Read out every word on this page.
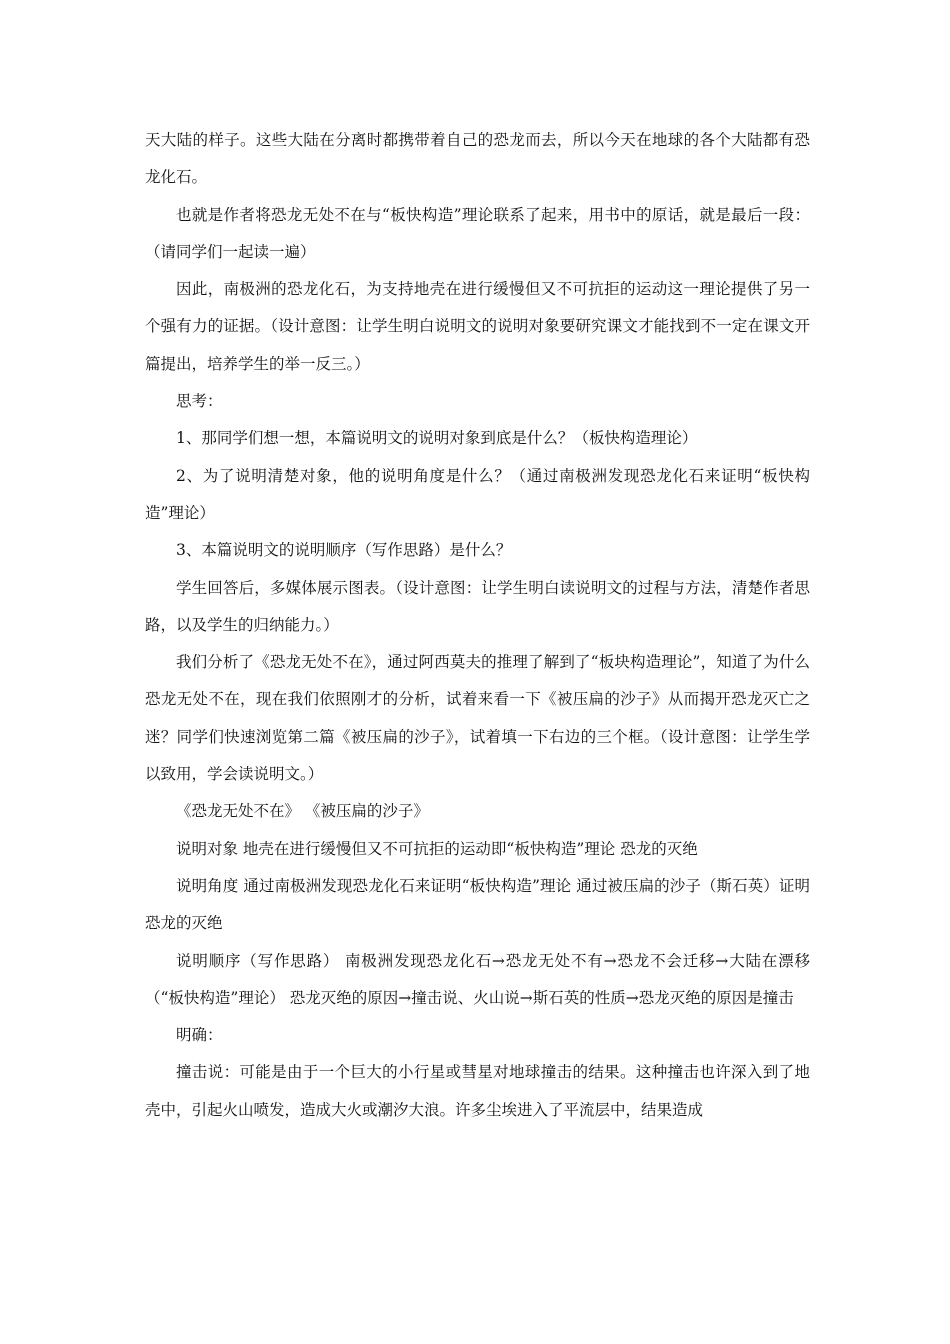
天大陆的样子。这些大陆在分离时都携带着自己的恐龙而去，所以今天在地球的各个大陆都有恐龙化石。

也就是作者将恐龙无处不在与“板快构造”理论联系了起来，用书中的原话，就是最后一段：（请同学们一起读一遍）

因此，南极洲的恐龙化石，为支持地壳在进行缓慢但又不可抗拒的运动这一理论提供了另一个强有力的证据。（设计意图：让学生明白说明文的说明对象要研究课文才能找到不一定在课文开篇提出，培养学生的举一反三。）

思考：

1、那同学们想一想，本篇说明文的说明对象到底是什么？（板快构造理论）

2、为了说明清楚对象，他的说明角度是什么？（通过南极洲发现恐龙化石来证明“板快构造”理论）

3、本篇说明文的说明顺序（写作思路）是什么？

学生回答后，多媒体展示图表。（设计意图：让学生明白读说明文的过程与方法，清楚作者思路，以及学生的归纳能力。）

我们分析了《恐龙无处不在》，通过阿西莫夫的推理了解到了“板块构造理论”，知道了为什么恐龙无处不在，现在我们依照刚才的分析，试着来看一下《被压扁的沙子》从而揭开恐龙灭亡之迷？同学们快速浏览第二篇《被压扁的沙子》，试着填一下右边的三个框。（设计意图：让学生学以致用，学会读说明文。）

《恐龙无处不在》 《被压扁的沙子》

说明对象 地壳在进行缓慢但又不可抗拒的运动即“板快构造”理论 恐龙的灭绝

说明角度 通过南极洲发现恐龙化石来证明“板快构造”理论 通过被压扁的沙子（斯石英）证明恐龙的灭绝

说明顺序（写作思路） 南极洲发现恐龙化石→恐龙无处不有→恐龙不会迁移→大陆在漂移（“板快构造”理论） 恐龙灭绝的原因→撞击说、火山说→斯石英的性质→恐龙灭绝的原因是撞击

明确：

撞击说：可能是由于一个巨大的小行星或彗星对地球撞击的结果。这种撞击也许深入到了地壳中，引起火山喷发，造成大火或潮汐大浪。许多尘埃进入了平流层中，结果造成
